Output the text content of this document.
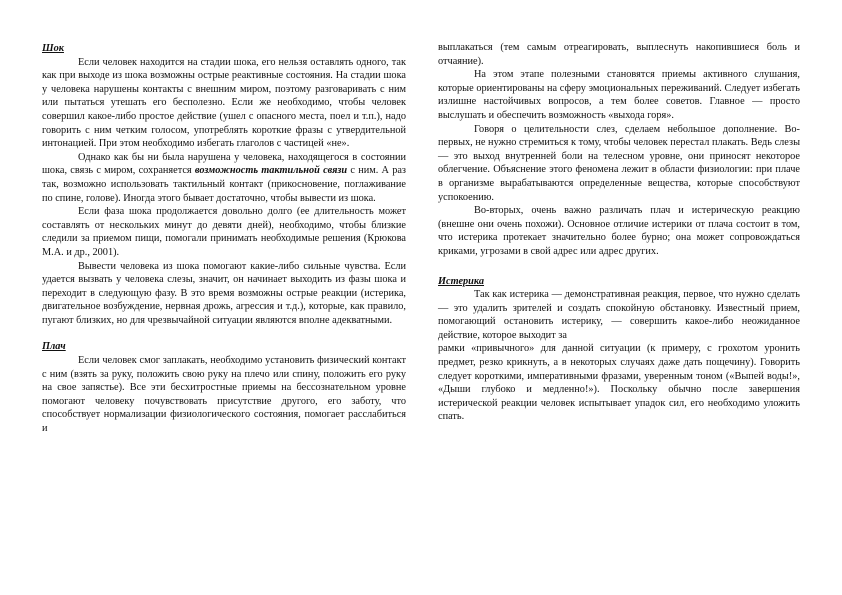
Шок

Если человек находится на стадии шока, его нельзя оставлять одного, так как при выходе из шока возможны острые реактивные состояния. На стадии шока у человека нарушены контакты с внешним миром, поэтому разговаривать с ним или пытаться утешать его бесполезно. Если же необходимо, чтобы человек совершил какое-либо простое действие (ушел с опасного места, поел и т.п.), надо говорить с ним четким голосом, употреблять короткие фразы с утвердительной интонацией. При этом необходимо избегать глаголов с частицей «не».

Однако как бы ни была нарушена у человека, находящегося в состоянии шока, связь с миром, сохраняется возможность тактильной связи с ним. А раз так, возможно использовать тактильный контакт (прикосновение, поглаживание по спине, голове). Иногда этого бывает достаточно, чтобы вывести из шока.

Если фаза шока продолжается довольно долго (ее длительность может составлять от нескольких минут до девяти дней), необходимо, чтобы близкие следили за приемом пищи, помогали принимать необходимые решения (Крюкова М.А. и др., 2001).

Вывести человека из шока помогают какие-либо сильные чувства. Если удается вызвать у человека слезы, значит, он начинает выходить из фазы шока и переходит в следующую фазу. В это время возможны острые реакции (истерика, двигательное возбуждение, нервная дрожь, агрессия и т.д.), которые, как правило, пугают близких, но для чрезвычайной ситуации являются вполне адекватными.

Плач

Если человек смог заплакать, необходимо установить физический контакт с ним (взять за руку, положить свою руку на плечо или спину, положить его руку на свое запястье). Все эти бесхитростные приемы на бессознательном уровне помогают человеку почувствовать присутствие другого, его заботу, что способствует нормализации физиологического состояния, помогает расслабиться и

выплакаться (тем самым отреагировать, выплеснуть накопившиеся боль и отчаяние).

На этом этапе полезными становятся приемы активного слушания, которые ориентированы на сферу эмоциональных переживаний. Следует избегать излишне настойчивых вопросов, а тем более советов. Главное — просто выслушать и обеспечить возможность «выхода горя».

Говоря о целительности слез, сделаем небольшое дополнение. Во-первых, не нужно стремиться к тому, чтобы человек перестал плакать. Ведь слезы — это выход внутренней боли на телесном уровне, они приносят некоторое облегчение. Объяснение этого феномена лежит в области физиологии: при плаче в организме вырабатываются определенные вещества, которые способствуют успокоению.

Во-вторых, очень важно различать плач и истерическую реакцию (внешне они очень похожи). Основное отличие истерики от плача состоит в том, что истерика протекает значительно более бурно; она может сопровождаться криками, угрозами в свой адрес или адрес других.

Истерика

Так как истерика — демонстративная реакция, первое, что нужно сделать — это удалить зрителей и создать спокойную обстановку. Известный прием, помогающий остановить истерику, — совершить какое-либо неожиданное действие, которое выходит за

рамки «привычного» для данной ситуации (к примеру, с грохотом уронить предмет, резко крикнуть, а в некоторых случаях даже дать пощечину). Говорить следует короткими, императивными фразами, уверенным тоном («Выпей воды!», «Дыши глубоко и медленно!»). Поскольку обычно после завершения истерической реакции человек испытывает упадок сил, его необходимо уложить спать.
